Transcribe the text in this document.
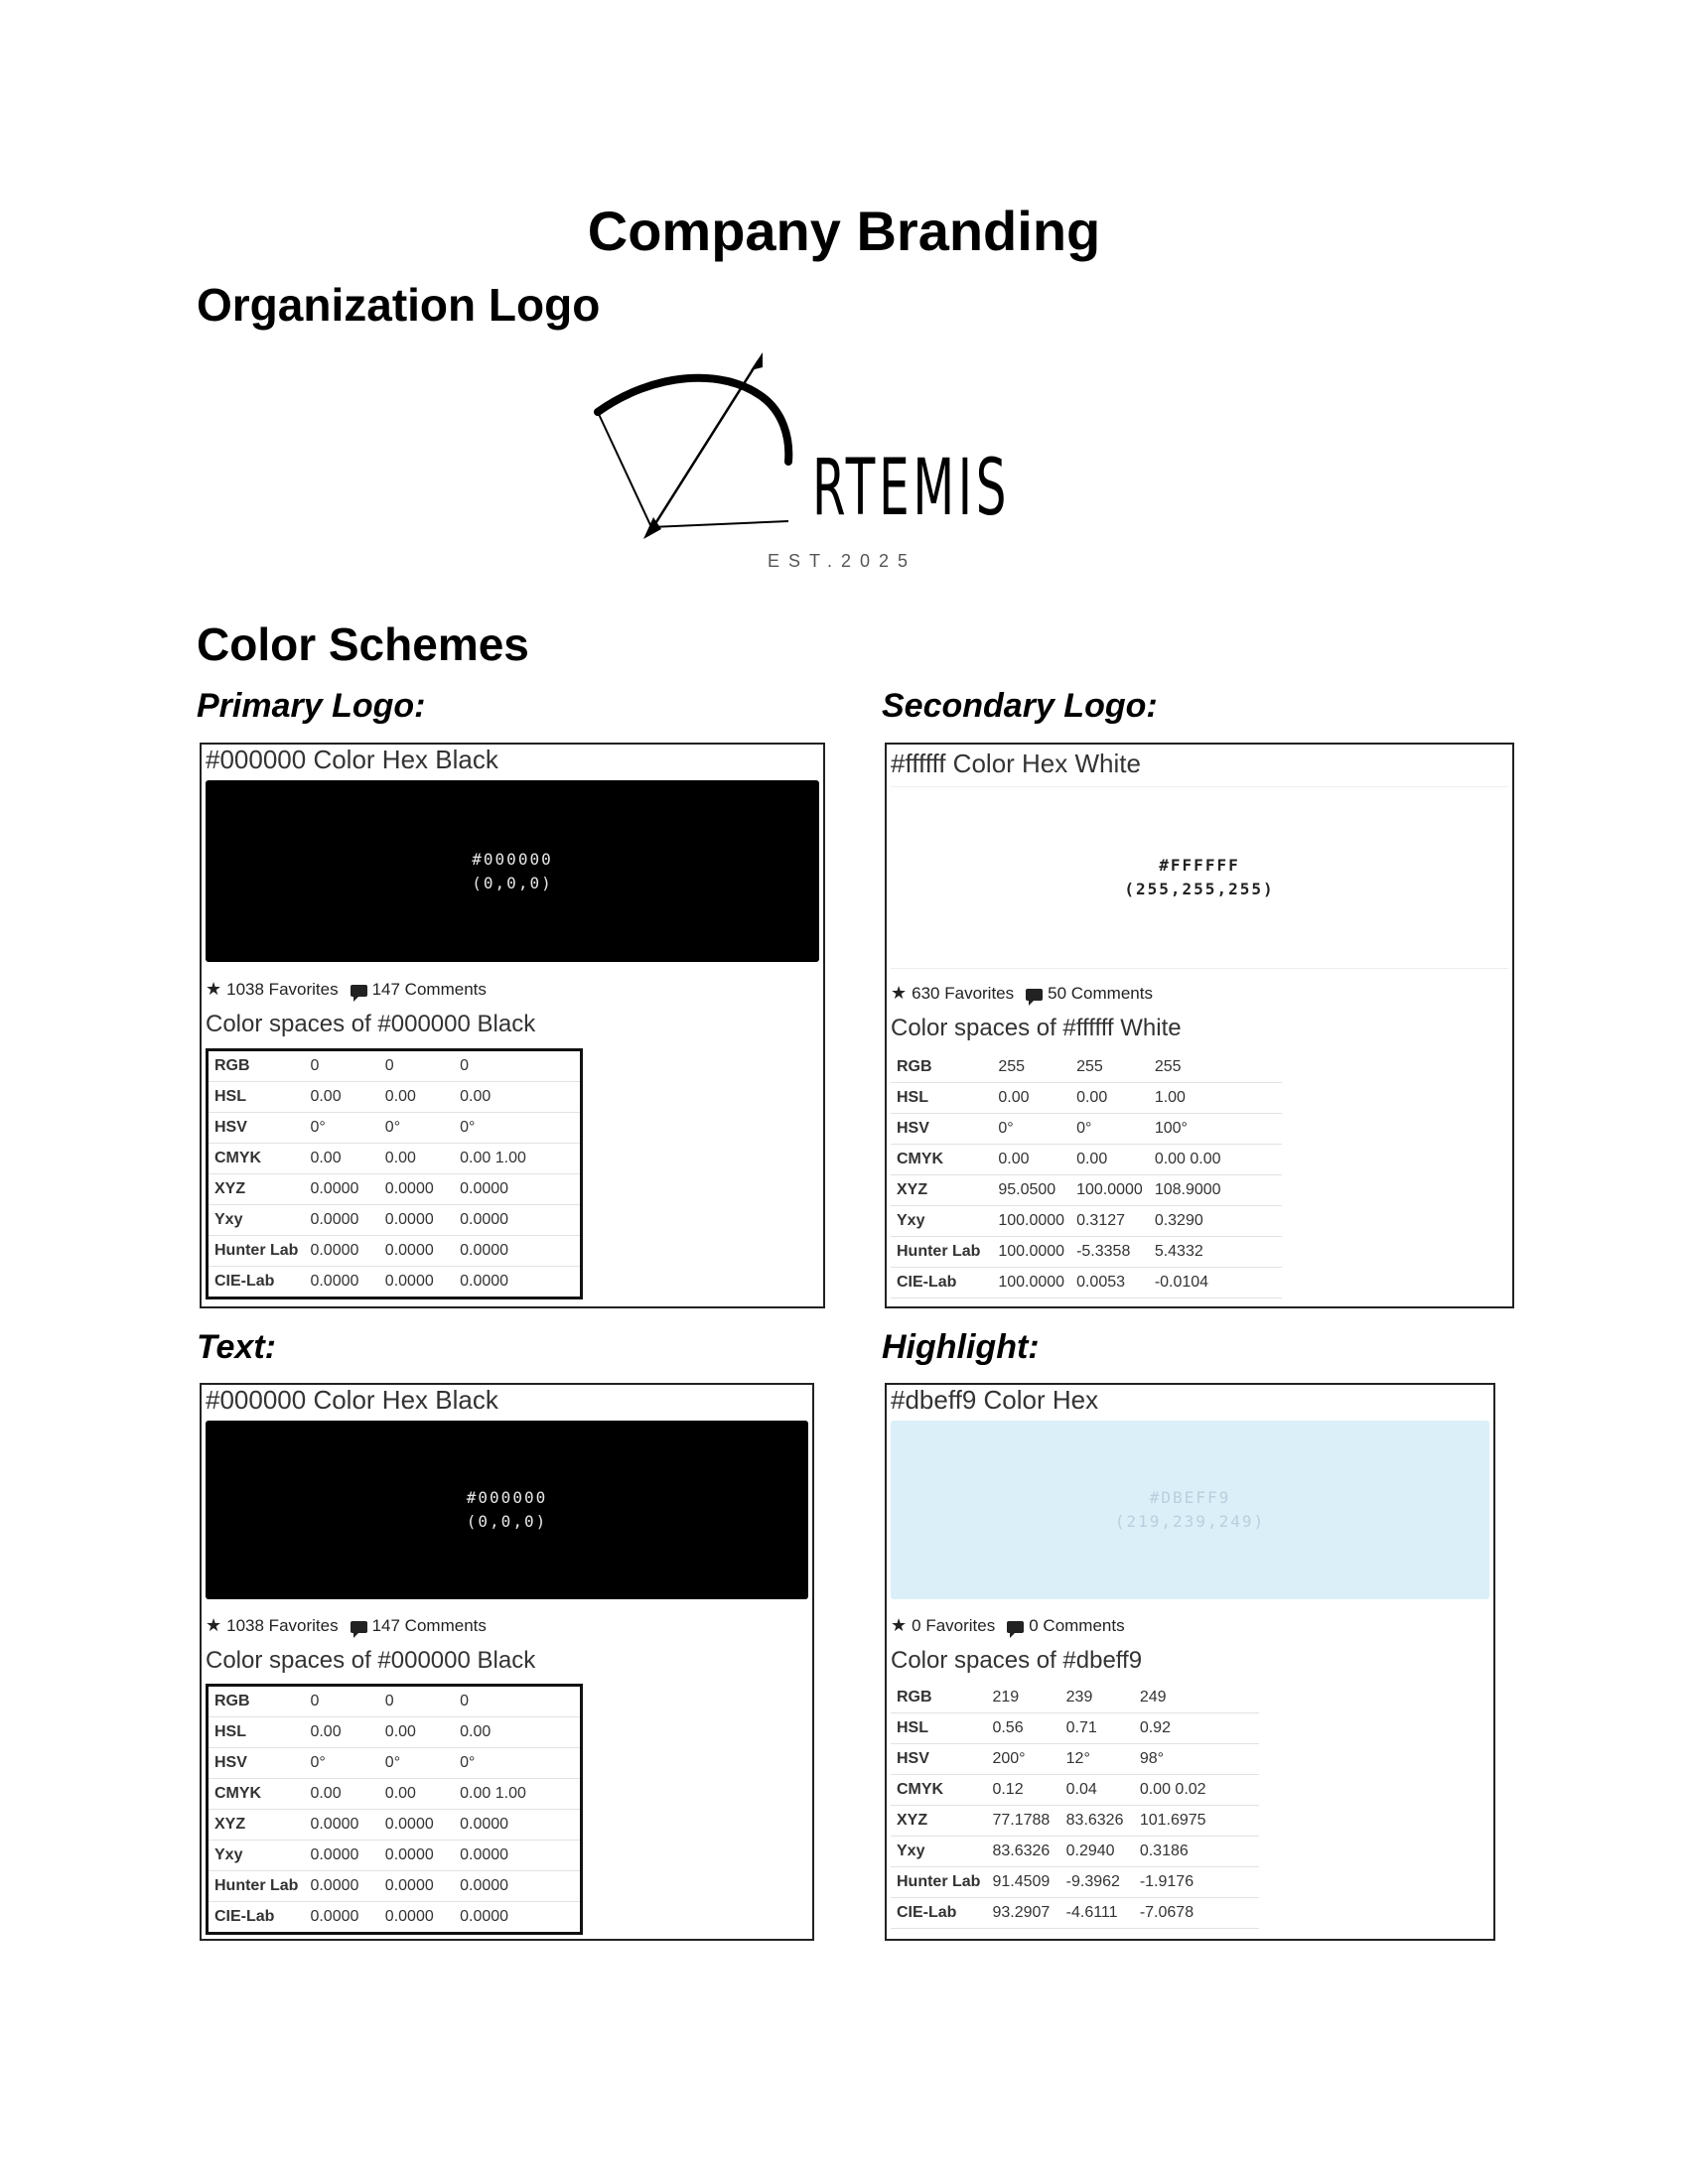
Company Branding
Organization Logo
RTEMIS
EST.2025
Color Schemes
Primary Logo:	Secondary Logo:
Text:	Highlight:
#000000 Color Hex Black
#000000
(0,0,0)
★ 1038 Favorites 147 Comments
Color spaces of #000000 Black
RGB	0	0	0
HSL	0.00	0.00	0.00
HSV	0°	0°	0°
CMYK	0.00	0.00	0.00 1.00
XYZ	0.0000	0.0000	0.0000
Yxy	0.0000	0.0000	0.0000
Hunter Lab	0.0000	0.0000	0.0000
CIE-Lab	0.0000	0.0000	0.0000
#ffffff Color Hex White
#FFFFFF
(255,255,255)
★ 630 Favorites 50 Comments
Color spaces of #ffffff White
RGB	255	255	255
HSL	0.00	0.00	1.00
HSV	0°	0°	100°
CMYK	0.00	0.00	0.00 0.00
XYZ	95.0500	100.0000	108.9000
Yxy	100.0000	0.3127	0.3290
Hunter Lab	100.0000	-5.3358	5.4332
CIE-Lab	100.0000	0.0053	-0.0104
#000000 Color Hex Black
#000000
(0,0,0)
★ 1038 Favorites 147 Comments
Color spaces of #000000 Black
RGB	0	0	0
HSL	0.00	0.00	0.00
HSV	0°	0°	0°
CMYK	0.00	0.00	0.00 1.00
XYZ	0.0000	0.0000	0.0000
Yxy	0.0000	0.0000	0.0000
Hunter Lab	0.0000	0.0000	0.0000
CIE-Lab	0.0000	0.0000	0.0000
#dbeff9 Color Hex
#DBEFF9
(219,239,249)
★ 0 Favorites 0 Comments
Color spaces of #dbeff9
RGB	219	239	249
HSL	0.56	0.71	0.92
HSV	200°	12°	98°
CMYK	0.12	0.04	0.00 0.02
XYZ	77.1788	83.6326	101.6975
Yxy	83.6326	0.2940	0.3186
Hunter Lab	91.4509	-9.3962	-1.9176
CIE-Lab	93.2907	-4.6111	-7.0678
